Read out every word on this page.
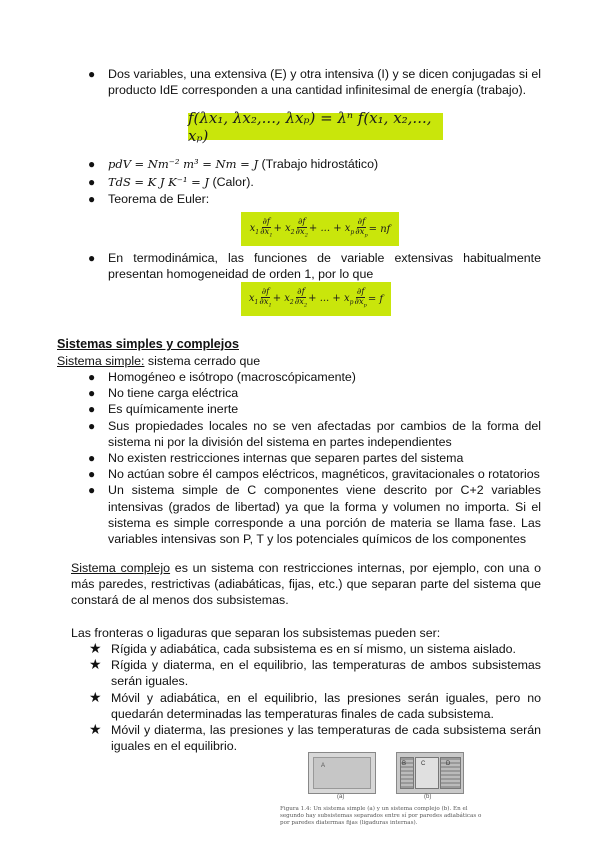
● Dos variables, una extensiva (E) y otra intensiva (I) y se dicen conjugadas si el producto IdE corresponden a una cantidad infinitesimal de energía (trabajo).
f(λx₁, λx₂,..., λxₚ) = λⁿ f(x₁, x₂,..., xₚ)
● pdV = Nm⁻² m³ = Nm = J (Trabajo hidrostático)
● TdS = K J K⁻¹ = J (Calor).
● Teorema de Euler:
$x_1 \frac{\partial f}{\partial x_1} + x_2 \frac{\partial f}{\partial x_2}$ + ... + $x_p \frac{\partial f}{\partial x_p}$ = nf
● En termodinámica, las funciones de variable extensivas habitualmente presentan homogeneidad de orden 1, por lo que
$x_1 \frac{\partial f}{\partial x_1} + x_2 \frac{\partial f}{\partial x_2}$ + ... + $x_p \frac{\partial f}{\partial x_p} = f$
Sistemas simples y complejos
Sistema simple: sistema cerrado que
● Homogéneo e isótropo (macroscópicamente)
● No tiene carga eléctrica
● Es químicamente inerte
● Sus propiedades locales no se ven afectadas por cambios de la forma del sistema ni por la división del sistema en partes independientes
● No existen restricciones internas que separen partes del sistema
● No actúan sobre él campos eléctricos, magnéticos, gravitacionales o rotatorios
● Un sistema simple de C componentes viene descrito por C+2 variables intensivas (grados de libertad) ya que la forma y volumen no importa. Si el sistema es simple corresponde a una porción de materia se llama fase. Las variables intensivas son P, T y los potenciales químicos de los componentes
Sistema complejo es un sistema con restricciones internas, por ejemplo, con una o más paredes, restrictivas (adiabáticas, fijas, etc.) que separan parte del sistema que constará de al menos dos subsistemas.
Las fronteras o ligaduras que separan los subsistemas pueden ser:
★ Rígida y adiabática, cada subsistema es en sí mismo, un sistema aislado.
★ Rígida y diaterma, en el equilibrio, las temperaturas de ambos subsistemas serán iguales.
★ Móvil y adiabática, en el equilibrio, las presiones serán iguales, pero no quedarán determinadas las temperaturas finales de cada subsistema.
★ Móvil y diaterma, las presiones y las temperaturas de cada subsistema serán iguales en el equilibrio.
A
(a)
B C	D
(b)
Figura 1.4: Un sistema simple (a) y un sistema complejo (b). En el segundo hay subsistemas separados entre sí por paredes adiabáticas o por paredes diatermas fijas (ligaduras internas).
